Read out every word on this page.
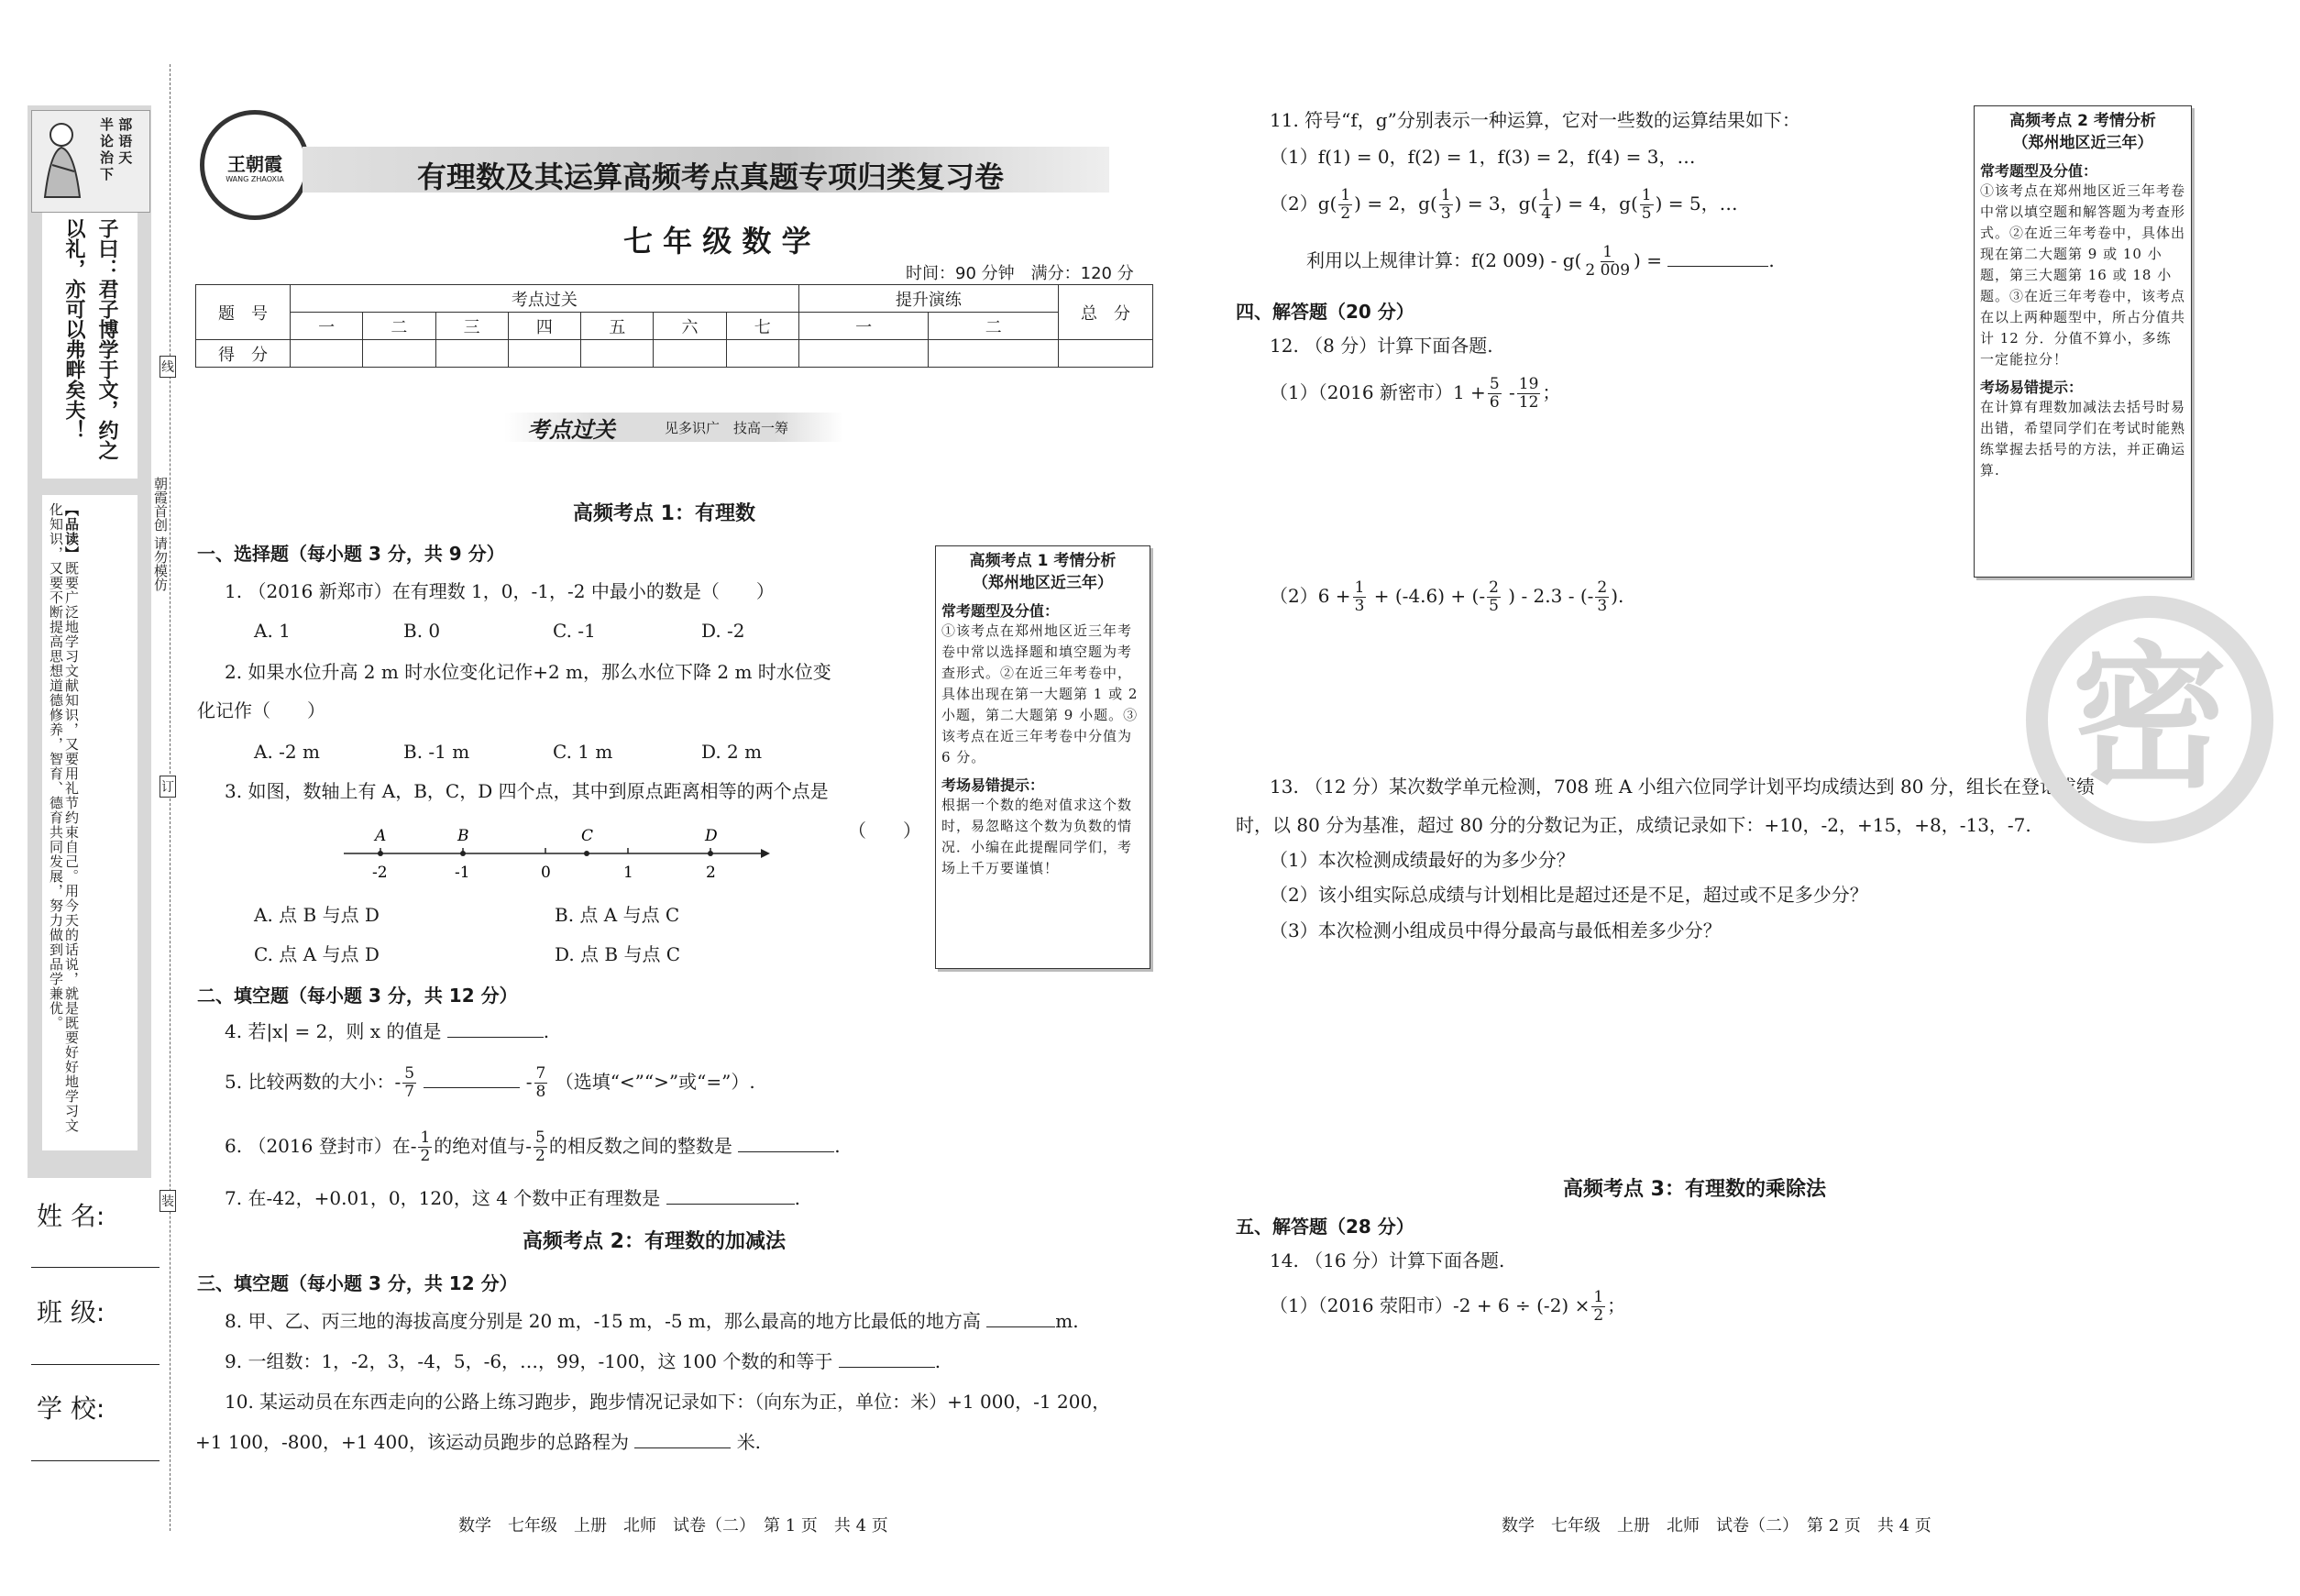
半 部
论 语
治 天 下
子曰：君子博学于文，约之以礼，亦可以弗畔矣夫！
【品读】既要广泛地学习文献知识，又要用礼节约束自己。用今天的话说，就是既要好好地学习文化知识，又要不断提高思想道德修养，智育、德育共同发展，努力做到品学兼优。
姓 名:
班 级:
学 校:
线
订
装
朝霞首创 请勿模仿
王朝霞
WANG ZHAOXIA	有理数及其运算高频考点真题专项归类复习卷
七 年 级 数 学
时间：90 分钟　满分：120 分
题　号	考点过关							提升演练		总　分
	一	二	三	四	五	六	七	一	二	
得　分										
考点过关	见多识广　技高一筹
高频考点 1：有理数
一、选择题（每小题 3 分，共 9 分）
1. （2016 新郑市）在有理数 1，0，-1，-2 中最小的数是（　　）
A. 1	B. 0	C. -1	D. -2
2. 如果水位升高 2 m 时水位变化记作+2 m，那么水位下降 2 m 时水位变
化记作（　　）
A. -2 m	B. -1 m	C. 1 m	D. 2 m
3. 如图，数轴上有 A，B，C，D 四个点，其中到原点距离相等的两个点是
（　　）
-2	-1	0	1	2
A	B	C	D
A. 点 B 与点 D	B. 点 A 与点 C
C. 点 A 与点 D	D. 点 B 与点 C
二、填空题（每小题 3 分，共 12 分）
4. 若|x| = 2，则 x 的值是	.
5. 比较两数的大小：- $\frac{5}{7}$	- $\frac{7}{8}$ （选填“<”“>”或“=”）.
6. （2016 登封市）在- $\frac{1}{2}$ 的绝对值与- $\frac{5}{2}$ 的相反数之间的整数是	.
7. 在-42，+0.01，0，120，这 4 个数中正有理数是	.
高频考点 1 考情分析
（郑州地区近三年）
常考题型及分值：
①该考点在郑州地区近三年考卷中常以选择题和填空题为考查形式。②在近三年考卷中，具体出现在第一大题第 1 或 2 小题，第二大题第 9 小题。③该考点在近三年考卷中分值为 6 分。
考场易错提示：
根据一个数的绝对值求这个数时，易忽略这个数为负数的情况．小编在此提醒同学们，考场上千万要谨慎！
高频考点 2：有理数的加减法
三、填空题（每小题 3 分，共 12 分）
8. 甲、乙、丙三地的海拔高度分别是 20 m，-15 m，-5 m，那么最高的地方比最低的地方高	m.
9. 一组数：1，-2，3，-4，5，-6，…，99，-100，这 100 个数的和等于	.
10. 某运动员在东西走向的公路上练习跑步，跑步情况记录如下：（向东为正，单位：米）+1 000，-1 200，
+1 100，-800，+1 400，该运动员跑步的总路程为	米.
数学　七年级　上册　北师　试卷（二）　第 1 页　共 4 页
11. 符号“f，g”分别表示一种运算，它对一些数的运算结果如下：
（1）f(1) = 0，f(2) = 1，f(3) = 2，f(4) = 3，…
$(2)g( \frac{1}{2}$ ) = 2，$g( \frac{1}{3}$ ) = 3，$g( \frac{1}{4}$ ) = 4，$g( \frac{1}{5}$ ) = 5，…
利用以上规律计算：f(2 $009) - g( \frac{1}{2 009}$ ) =	.
四、解答题（20 分）
12. （8 分）计算下面各题.
（1）（2016 新密市）$1 + \frac{5}{6} - \frac{19}{12}$ ；
$(2)6 + \frac{1}{3} + (-4.6)$ + (- $\frac{2}{5}$ ) - 2.3 - (- $\frac{2}{3}$ ).
13. （12 分）某次数学单元检测，708 班 A 小组六位同学计划平均成绩达到 80 分，组长在登记成绩
时，以 80 分为基准，超过 80 分的分数记为正，成绩记录如下：+10，-2，+15，+8，-13，-7.
（1）本次检测成绩最好的为多少分？
（2）该小组实际总成绩与计划相比是超过还是不足，超过或不足多少分？
（3）本次检测小组成员中得分最高与最低相差多少分？
高频考点 3：有理数的乘除法
五、解答题（28 分）
14. （16 分）计算下面各题.
（1）（2016 荥阳市）$-2 + 6 \div (-2) \times \frac{1}{2}$ ；
高频考点 2 考情分析
（郑州地区近三年）
常考题型及分值：
①该考点在郑州地区近三年考卷中常以填空题和解答题为考查形式。②在近三年考卷中，具体出现在第二大题第 9 或 10 小题，第三大题第 16 或 18 小题。③在近三年考卷中，该考点在以上两种题型中，所占分值共计 12 分．分值不算小，多练一定能拉分！
考场易错提示：
在计算有理数加减法去括号时易出错，希望同学们在考试时能熟练掌握去括号的方法，并正确运算.
密
数学　七年级　上册　北师　试卷（二）　第 2 页　共 4 页
